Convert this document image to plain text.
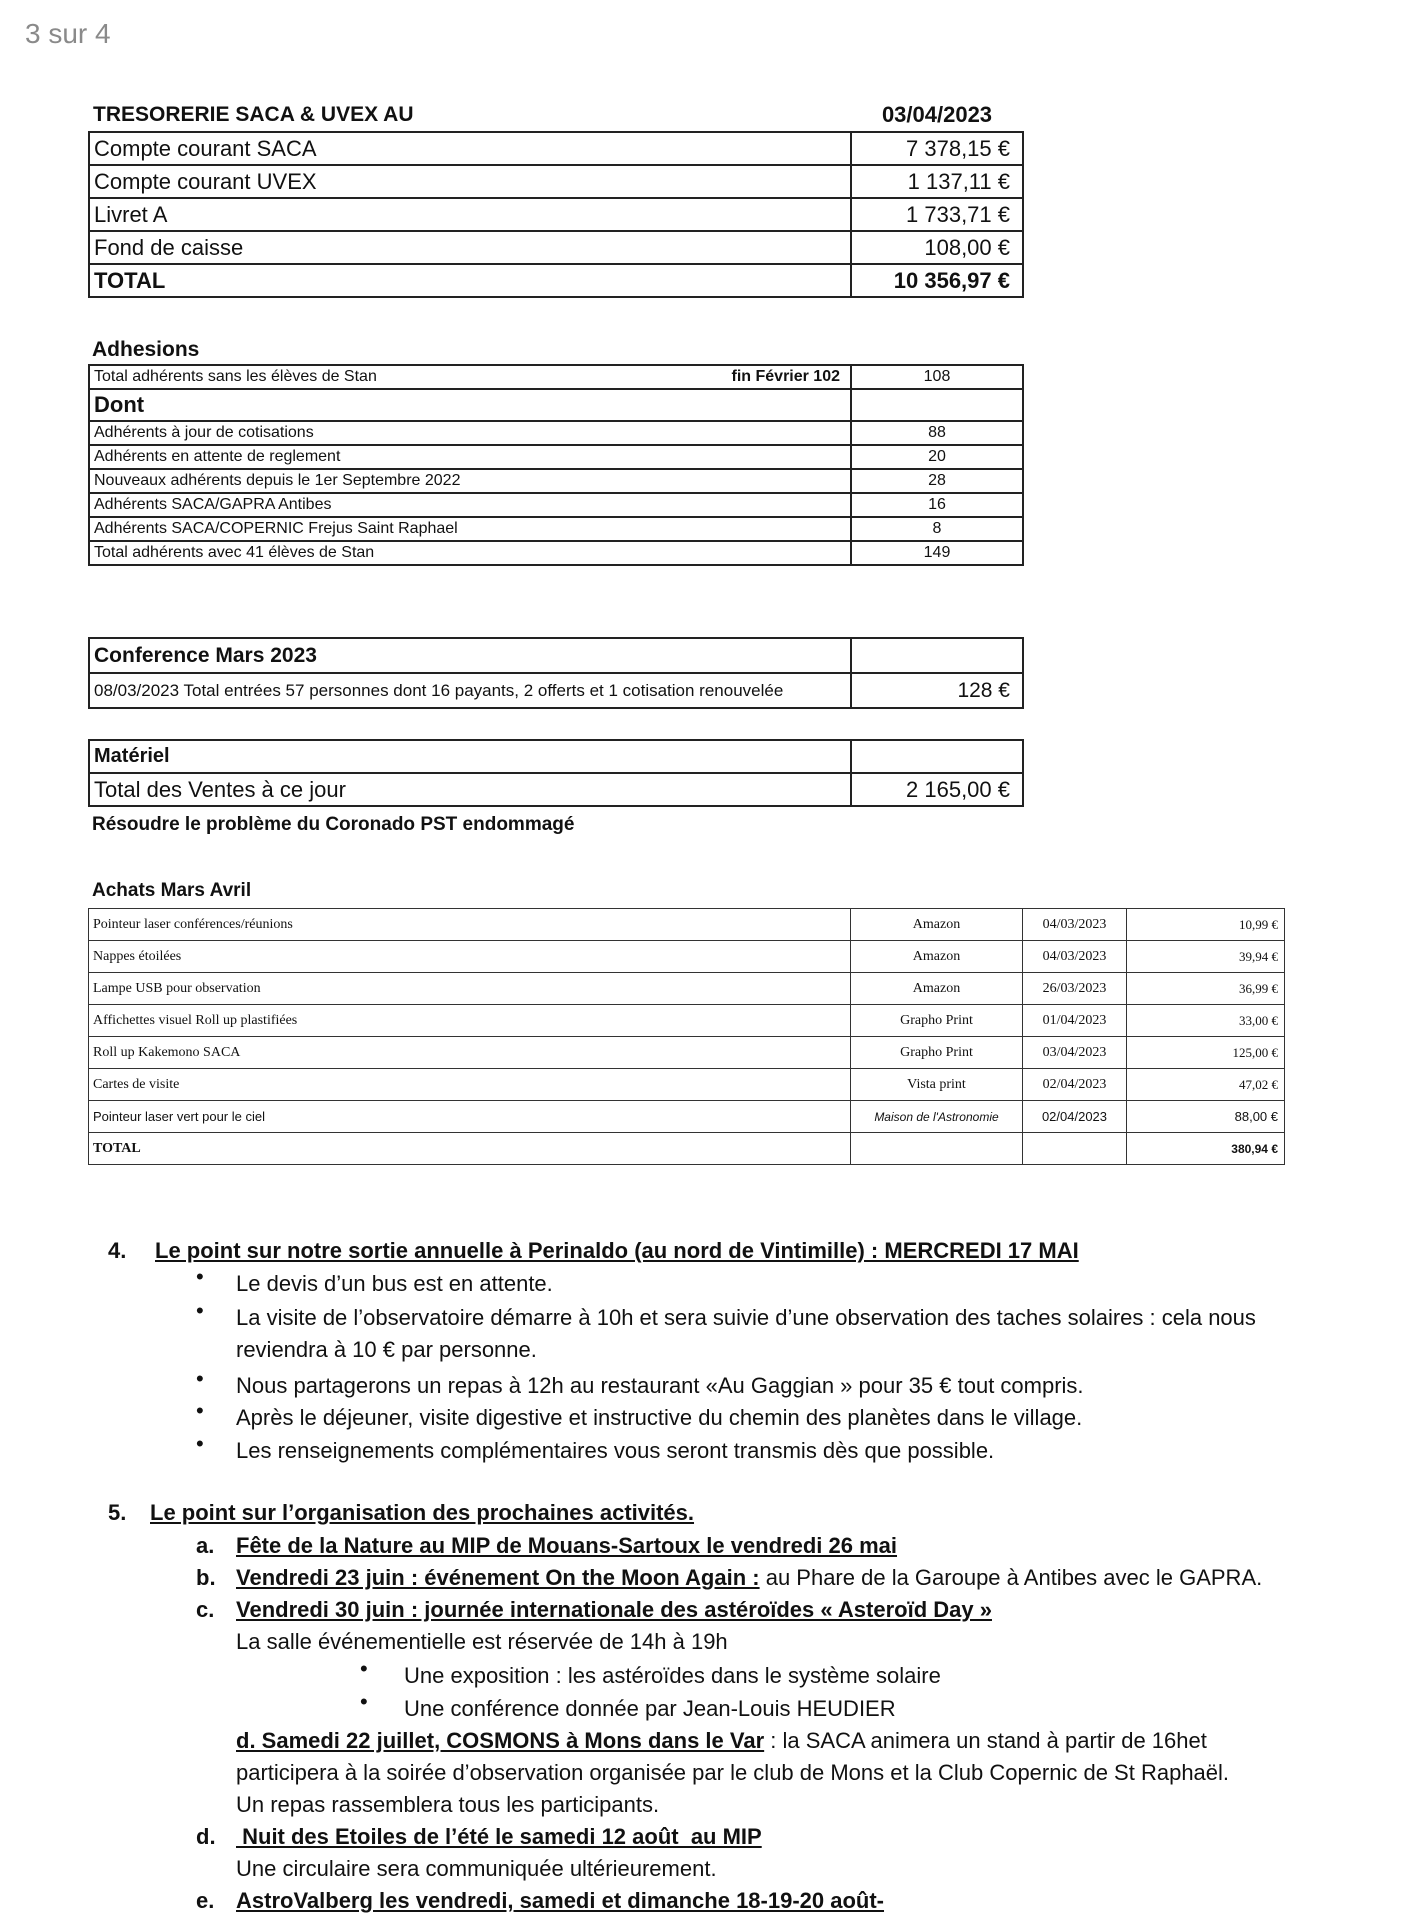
3 sur 4
TRESORERIE SACA & UVEX AU	03/04/2023
Compte courant SACA	7 378,15 €
Compte courant UVEX	1 137,11 €
Livret A	1 733,71 €
Fond de caisse	108,00 €
TOTAL	10 356,97 €
Adhesions
Total adhérents sans les élèves de Stan fin Février 102	108
Dont	
Adhérents à jour de cotisations	88
Adhérents en attente de reglement	20
Nouveaux adhérents depuis le 1er Septembre 2022	28
Adhérents SACA/GAPRA Antibes	16
Adhérents SACA/COPERNIC Frejus Saint Raphael	8
Total adhérents avec 41 élèves de Stan	149
Conference Mars 2023	
08/03/2023 Total entrées 57 personnes dont 16 payants, 2 offerts et 1 cotisation renouvelée	128 €
Matériel	
Total des Ventes à ce jour	2 165,00 €
Résoudre le problème du Coronado PST endommagé
Achats Mars Avril
Pointeur laser conférences/réunions	Amazon	04/03/2023	10,99 €
Nappes étoilées	Amazon	04/03/2023	39,94 €
Lampe USB pour observation	Amazon	26/03/2023	36,99 €
Affichettes visuel Roll up plastifiées	Grapho Print	01/04/2023	33,00 €
Roll up Kakemono SACA	Grapho Print	03/04/2023	125,00 €
Cartes de visite	Vista print	02/04/2023	47,02 €
Pointeur laser vert pour le ciel	Maison de l'Astronomie	02/04/2023	88,00 €
TOTAL			380,94 €
4. Le point sur notre sortie annuelle à Perinaldo (au nord de Vintimille) : MERCREDI 17 MAI
• Le devis d’un bus est en attente.
• La visite de l’observatoire démarre à 10h et sera suivie d’une observation des taches solaires : cela nous
reviendra à 10 € par personne.
• Nous partagerons un repas à 12h au restaurant «Au Gaggian » pour 35 € tout compris.
• Après le déjeuner, visite digestive et instructive du chemin des planètes dans le village.
• Les renseignements complémentaires vous seront transmis dès que possible.
5. Le point sur l’organisation des prochaines activités.
a. Fête de la Nature au MIP de Mouans-Sartoux le vendredi 26 mai
b. Vendredi 23 juin : événement On the Moon Again : au Phare de la Garoupe à Antibes avec le GAPRA.
c. Vendredi 30 juin : journée internationale des astéroïdes « Asteroïd Day »
La salle événementielle est réservée de 14h à 19h
• Une exposition : les astéroïdes dans le système solaire
• Une conférence donnée par Jean-Louis HEUDIER
d. Samedi 22 juillet, COSMONS à Mons dans le Var : la SACA animera un stand à partir de 16het
participera à la soirée d’observation organisée par le club de Mons et la Club Copernic de St Raphaël.
Un repas rassemblera tous les participants.
d. Nuit des Etoiles de l’été le samedi 12 août  au MIP
Une circulaire sera communiquée ultérieurement.
e. AstroValberg les vendredi, samedi et dimanche 18-19-20 août-
